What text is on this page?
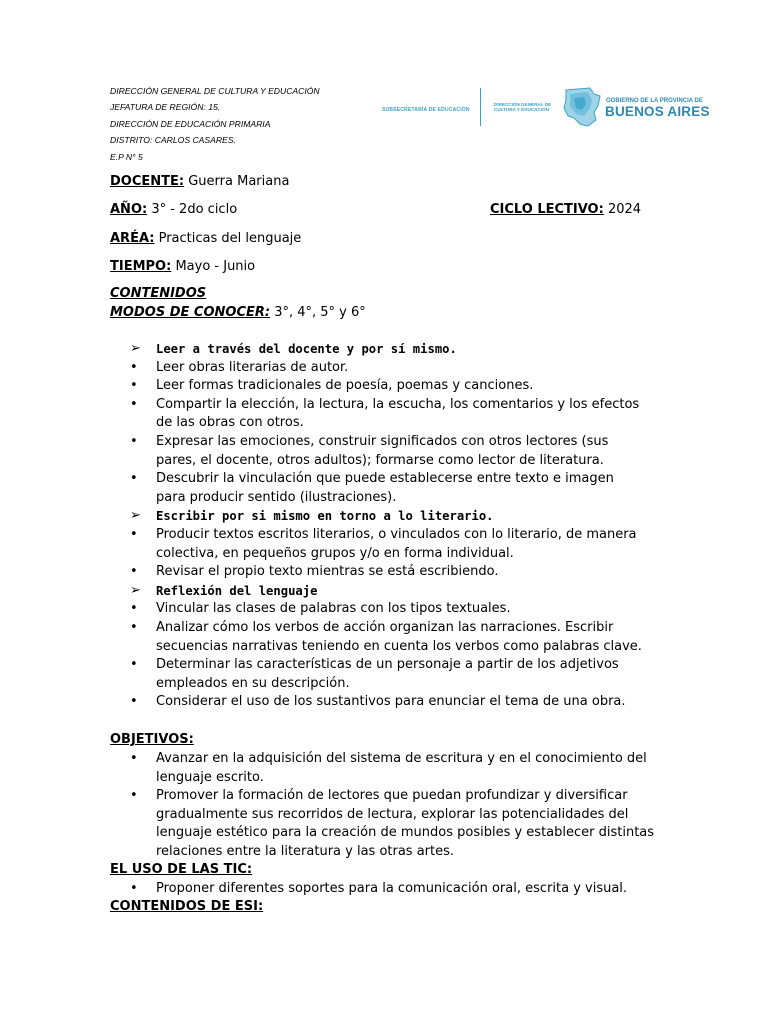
DIRECCIÓN GENERAL DE CULTURA Y EDUCACIÓN
JEFATURA DE REGIÓN: 15.
DIRECCIÓN DE EDUCACIÓN PRIMARIA
DISTRITO: CARLOS CASARES.
E.P N° 5
SUBSECRETARÍA DE EDUCACIÓN
DIRECCIÓN GENERAL DE
CULTURA Y EDUCACIÓN
GOBIERNO DE LA PROVINCIA DE
BUENOS AIRES
DOCENTE: Guerra Mariana
AÑO: 3° - 2do ciclo	CICLO LECTIVO: 2024
ARÉA: Practicas del lenguaje
TIEMPO: Mayo - Junio
CONTENIDOS
MODOS DE CONOCER: 3°, 4°, 5° y 6°
➢	Leer a través del docente y por sí mismo.
•	Leer obras literarias de autor.
•	Leer formas tradicionales de poesía, poemas y canciones.
•	Compartir la elección, la lectura, la escucha, los comentarios y los efectos
de las obras con otros.
•	Expresar las emociones, construir significados con otros lectores (sus
pares, el docente, otros adultos); formarse como lector de literatura.
•	Descubrir la vinculación que puede establecerse entre texto e imagen
para producir sentido (ilustraciones).
➢	Escribir por si mismo en torno a lo literario.
•	Producir textos escritos literarios, o vinculados con lo literario, de manera
colectiva, en pequeños grupos y/o en forma individual.
•	Revisar el propio texto mientras se está escribiendo.
➢	Reflexión del lenguaje
•	Vincular las clases de palabras con los tipos textuales.
•	Analizar cómo los verbos de acción organizan las narraciones. Escribir
secuencias narrativas teniendo en cuenta los verbos como palabras clave.
•	Determinar las características de un personaje a partir de los adjetivos
empleados en su descripción.
•	Considerar el uso de los sustantivos para enunciar el tema de una obra.
OBJETIVOS:
•	Avanzar en la adquisición del sistema de escritura y en el conocimiento del
lenguaje escrito.
•	Promover la formación de lectores que puedan profundizar y diversificar
gradualmente sus recorridos de lectura, explorar las potencialidades del
lenguaje estético para la creación de mundos posibles y establecer distintas
relaciones entre la literatura y las otras artes.
EL USO DE LAS TIC:
•	Proponer diferentes soportes para la comunicación oral, escrita y visual.
CONTENIDOS DE ESI:
